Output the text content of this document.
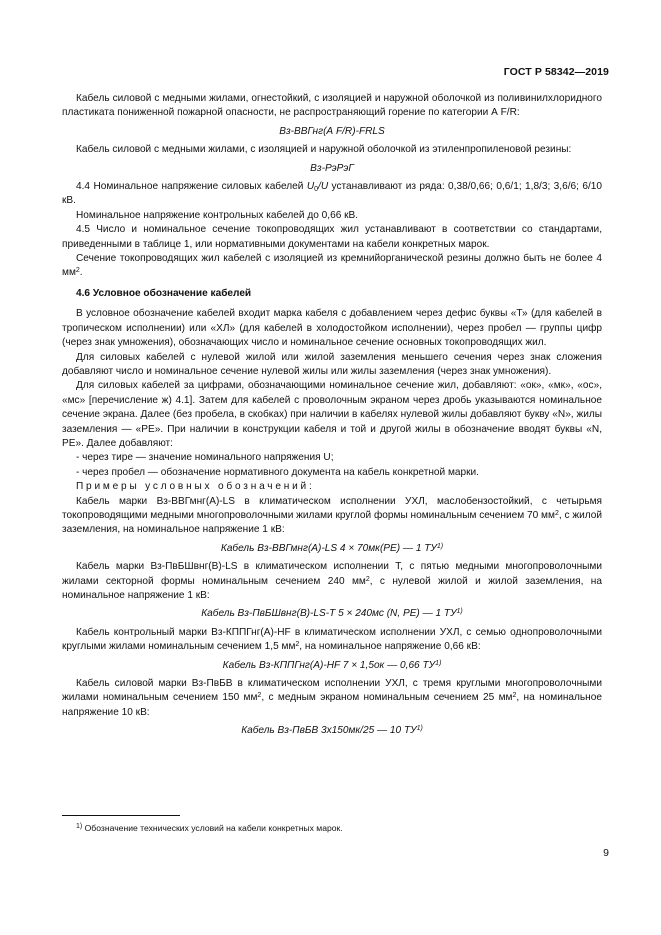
ГОСТ Р 58342—2019

Кабель силовой с медными жилами, огнестойкий, с изоляцией и наружной оболочкой из поливинилхлоридного пластиката пониженной пожарной опасности, не распространяющий горение по категории А F/R:

Вз-ВВГнг(А F/R)-FRLS

Кабель силовой с медными жилами, с изоляцией и наружной оболочкой из этиленпропиленовой резины:

Вз-РэРэГ

4.4 Номинальное напряжение силовых кабелей $U_0/U$ устанавливают из ряда: 0,38/0,66; 0,6/1; 1,8/3; 3,6/6; 6/10 кВ.

Номинальное напряжение контрольных кабелей до 0,66 кВ.

4.5 Число и номинальное сечение токопроводящих жил устанавливают в соответствии со стандартами, приведенными в таблице 1, или нормативными документами на кабели конкретных марок.

Сечение токопроводящих жил кабелей с изоляцией из кремнийорганической резины должно быть не более 4 $мм^2$.

4.6 Условное обозначение кабелей

В условное обозначение кабелей входит марка кабеля с добавлением через дефис буквы «Т» (для кабелей в тропическом исполнении) или «ХЛ» (для кабелей в холодостойком исполнении), через пробел — группы цифр (через знак умножения), обозначающих число и номинальное сечение основных токопроводящих жил.

Для силовых кабелей с нулевой жилой или жилой заземления меньшего сечения через знак сложения добавляют число и номинальное сечение нулевой жилы или жилы заземления (через знак умножения).

Для силовых кабелей за цифрами, обозначающими номинальное сечение жил, добавляют: «ок», «мк», «ос», «мс» [перечисление ж) 4.1]. Затем для кабелей с проволочным экраном через дробь указываются номинальное сечение экрана. Далее (без пробела, в скобках) при наличии в кабелях нулевой жилы добавляют букву «N», жилы заземления — «PE». При наличии в конструкции кабеля и той и другой жилы в обозначение вводят буквы «N, PE». Далее добавляют:

- через тире — значение номинального напряжения U;

- через пробел — обозначение нормативного документа на кабель конкретной марки.

Примеры условных обозначений:

Кабель марки Вз-ВВГмнг(А)-LS в климатическом исполнении УХЛ, маслобензостойкий, с четырьмя токопроводящими медными многопроволочными жилами круглой формы номинальным сечением 70 $мм^2$, с жилой заземления, на номинальное напряжение 1 кВ:

Кабель Вз-ВВГмнг(А)-LS 4 × 70мк(PE) — 1 ТУ$^{1)}$

Кабель марки Вз-ПвБШвнг(В)-LS в климатическом исполнении Т, с пятью медными многопроволочными жилами секторной формы номинальным сечением 240 $мм^2$, с нулевой жилой и жилой заземления, на номинальное напряжение 1 кВ:

Кабель Вз-ПвБШвнг(В)-LS-Т 5 × 240мс (N, PE) — 1 ТУ$^{1)}$

Кабель контрольный марки Вз-КППГнг(А)-HF в климатическом исполнении УХЛ, с семью однопроволочными круглыми жилами номинальным сечением 1,5 $мм^2$, на номинальное напряжение 0,66 кВ:

Кабель Вз-КППГнг(А)-HF 7 × 1,5ок — 0,66 ТУ$^{1)}$

Кабель силовой марки Вз-ПвБВ в климатическом исполнении УХЛ, с тремя круглыми многопроволочными жилами номинальным сечением 150 $мм^2$, с медным экраном номинальным сечением 25 $мм^2$, на номинальное напряжение 10 кВ:

Кабель Вз-ПвБВ 3х150мк/25 — 10 ТУ$^{1)}$

$^{1)}$ Обозначение технических условий на кабели конкретных марок.
9
